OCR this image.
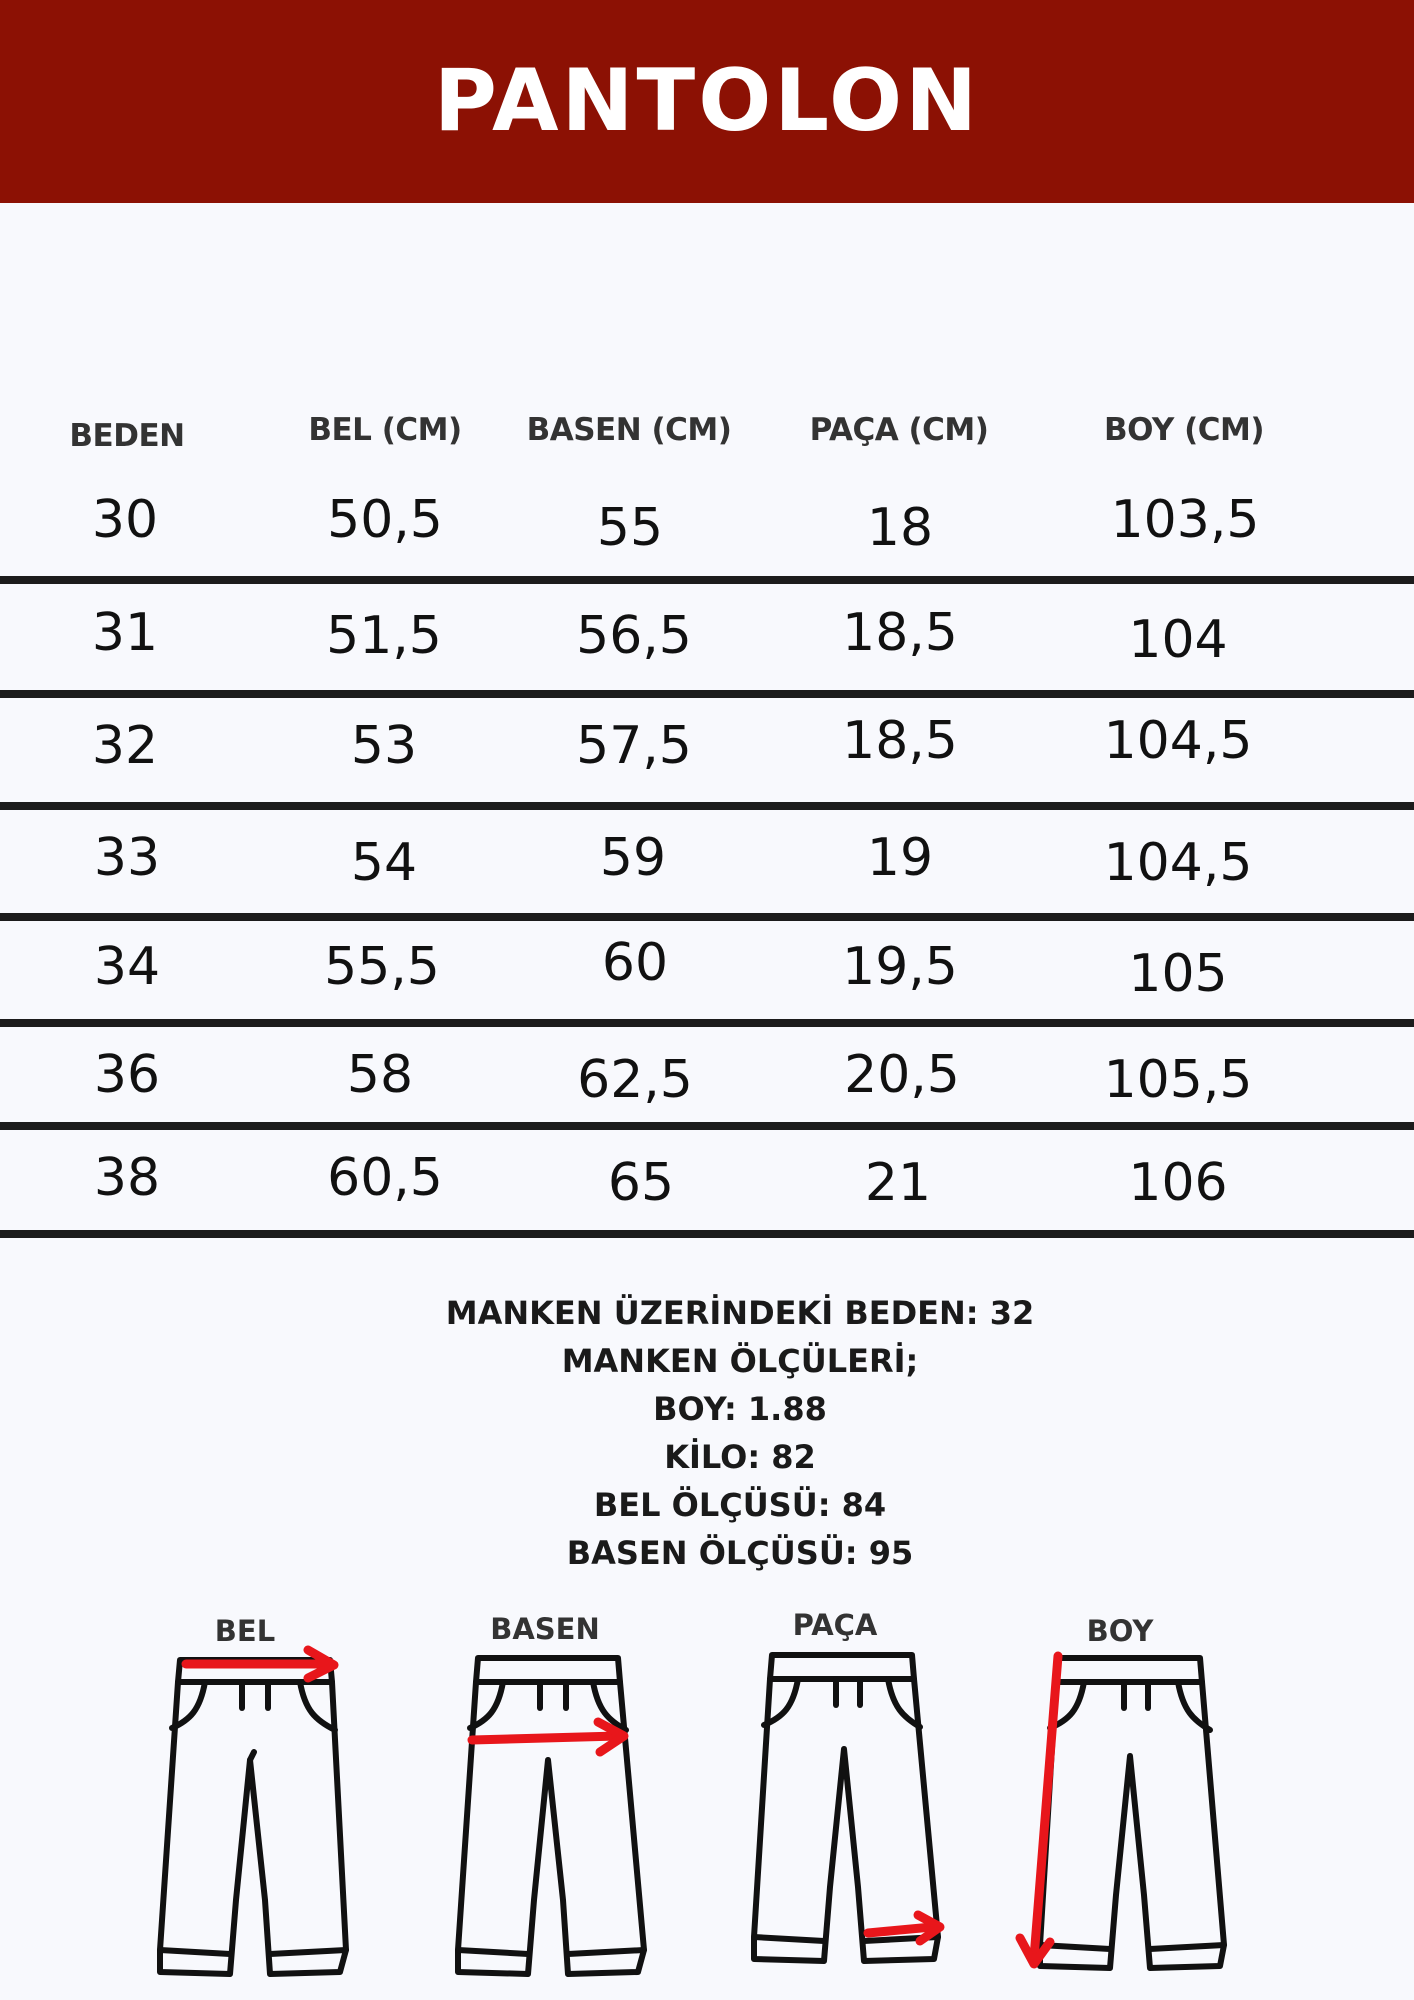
PANTOLON
BEDEN	BEL (CM)	BASEN (CM)	PAÇA (CM)	BOY (CM)
30	50,5	55	18	103,5
31	51,5	56,5	18,5	104
32	53	57,5	18,5	104,5
33	54	59	19	104,5
34	55,5	60	19,5	105
36	58	62,5	20,5	105,5
38	60,5	65	21	106
MANKEN ÜZERİNDEKİ BEDEN: 32
MANKEN ÖLÇÜLERİ;
BOY: 1.88
KİLO: 82
BEL ÖLÇÜSÜ: 84
BASEN ÖLÇÜSÜ: 95
BEL	BASEN	PAÇA	BOY
